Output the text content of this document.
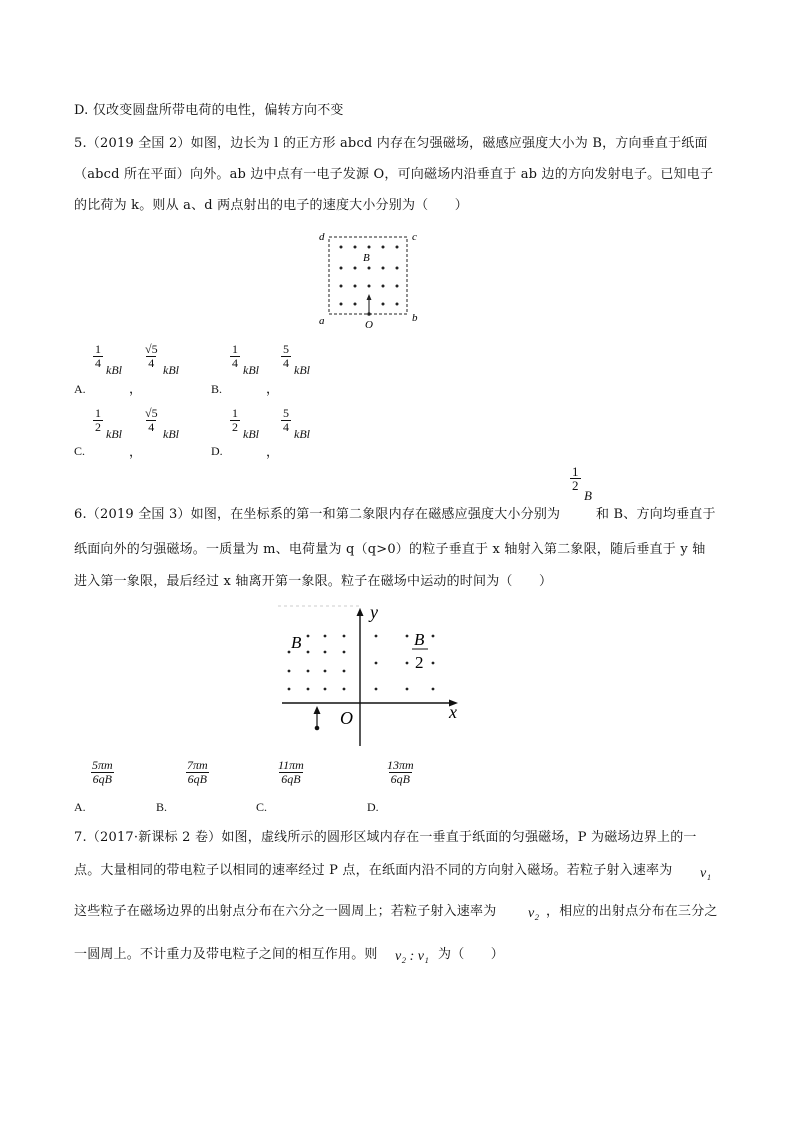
D. 仅改变圆盘所带电荷的电性，偏转方向不变
5.（2019 全国 2）如图，边长为 l 的正方形 abcd 内存在匀强磁场，磁感应强度大小为 B，方向垂直于纸面
（abcd 所在平面）向外。ab 边中点有一电子发源 O，可向磁场内沿垂直于 ab 边的方向发射电子。已知电子
的比荷为 k。则从 a、d 两点射出的电子的速度大小分别为（　　）
d	c
B
a	O
b
A.
$\frac{1}{4}$
kBl
，
$\frac{√5}{4}$
kBl
B.
$\frac{1}{4}$
kBl
，
$\frac{5}{4}$
kBl
C.
$\frac{1}{2}$
kBl
，
$\frac{√5}{4}$
kBl
D.
$\frac{1}{2}$
kBl
，
$\frac{5}{4}$
kBl
6.（2019 全国 3）如图，在坐标系的第一和第二象限内存在磁感应强度大小分别为
$\frac{1}{2}$
B
和 B、方向均垂直于
纸面向外的匀强磁场。一质量为 m、电荷量为 q（q>0）的粒子垂直于 x 轴射入第二象限，随后垂直于 y 轴
进入第一象限，最后经过 x 轴离开第一象限。粒子在磁场中运动的时间为（　　）
B
y
x
O
B
2
A.
$\frac{5\pi m}{6qB}$
B.
$\frac{7\pi m}{6qB}$
C.
$\frac{11\pi m}{6qB}$
D.
$\frac{13\pi m}{6qB}$
7.（2017·新课标 2 卷）如图，虚线所示的圆形区域内存在一垂直于纸面的匀强磁场，P 为磁场边界上的一
点。大量相同的带电粒子以相同的速率经过 P 点，在纸面内沿不同的方向射入磁场。若粒子射入速率为 v₁
这些粒子在磁场边界的出射点分布在六分之一圆周上；若粒子射入速率为 v₂ ，相应的出射点分布在三分之
一圆周上。不计重力及带电粒子之间的相互作用。则 v₂ : v₁ 为（　　）
